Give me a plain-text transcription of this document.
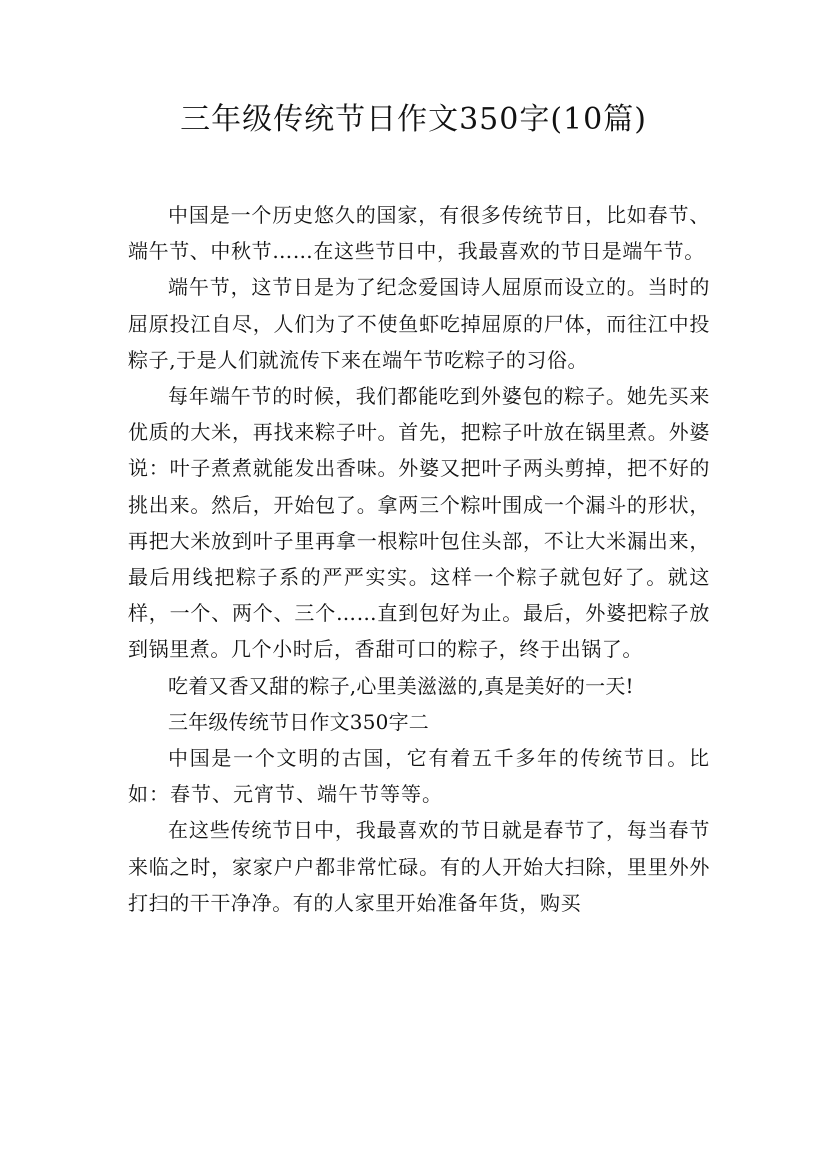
三年级传统节日作文350字(10篇)

中国是一个历史悠久的国家，有很多传统节日，比如春节、端午节、中秋节……在这些节日中，我最喜欢的节日是端午节。

端午节，这节日是为了纪念爱国诗人屈原而设立的。当时的屈原投江自尽，人们为了不使鱼虾吃掉屈原的尸体，而往江中投粽子,于是人们就流传下来在端午节吃粽子的习俗。

每年端午节的时候，我们都能吃到外婆包的粽子。她先买来优质的大米，再找来粽子叶。首先，把粽子叶放在锅里煮。外婆说：叶子煮煮就能发出香味。外婆又把叶子两头剪掉，把不好的挑出来。然后，开始包了。拿两三个粽叶围成一个漏斗的形状，再把大米放到叶子里再拿一根粽叶包住头部，不让大米漏出来，最后用线把粽子系的严严实实。这样一个粽子就包好了。就这样，一个、两个、三个……直到包好为止。最后，外婆把粽子放到锅里煮。几个小时后，香甜可口的粽子，终于出锅了。

吃着又香又甜的粽子,心里美滋滋的,真是美好的一天!

三年级传统节日作文350字二

中国是一个文明的古国，它有着五千多年的传统节日。比如：春节、元宵节、端午节等等。

在这些传统节日中，我最喜欢的节日就是春节了，每当春节来临之时，家家户户都非常忙碌。有的人开始大扫除，里里外外打扫的干干净净。有的人家里开始准备年货，购买
